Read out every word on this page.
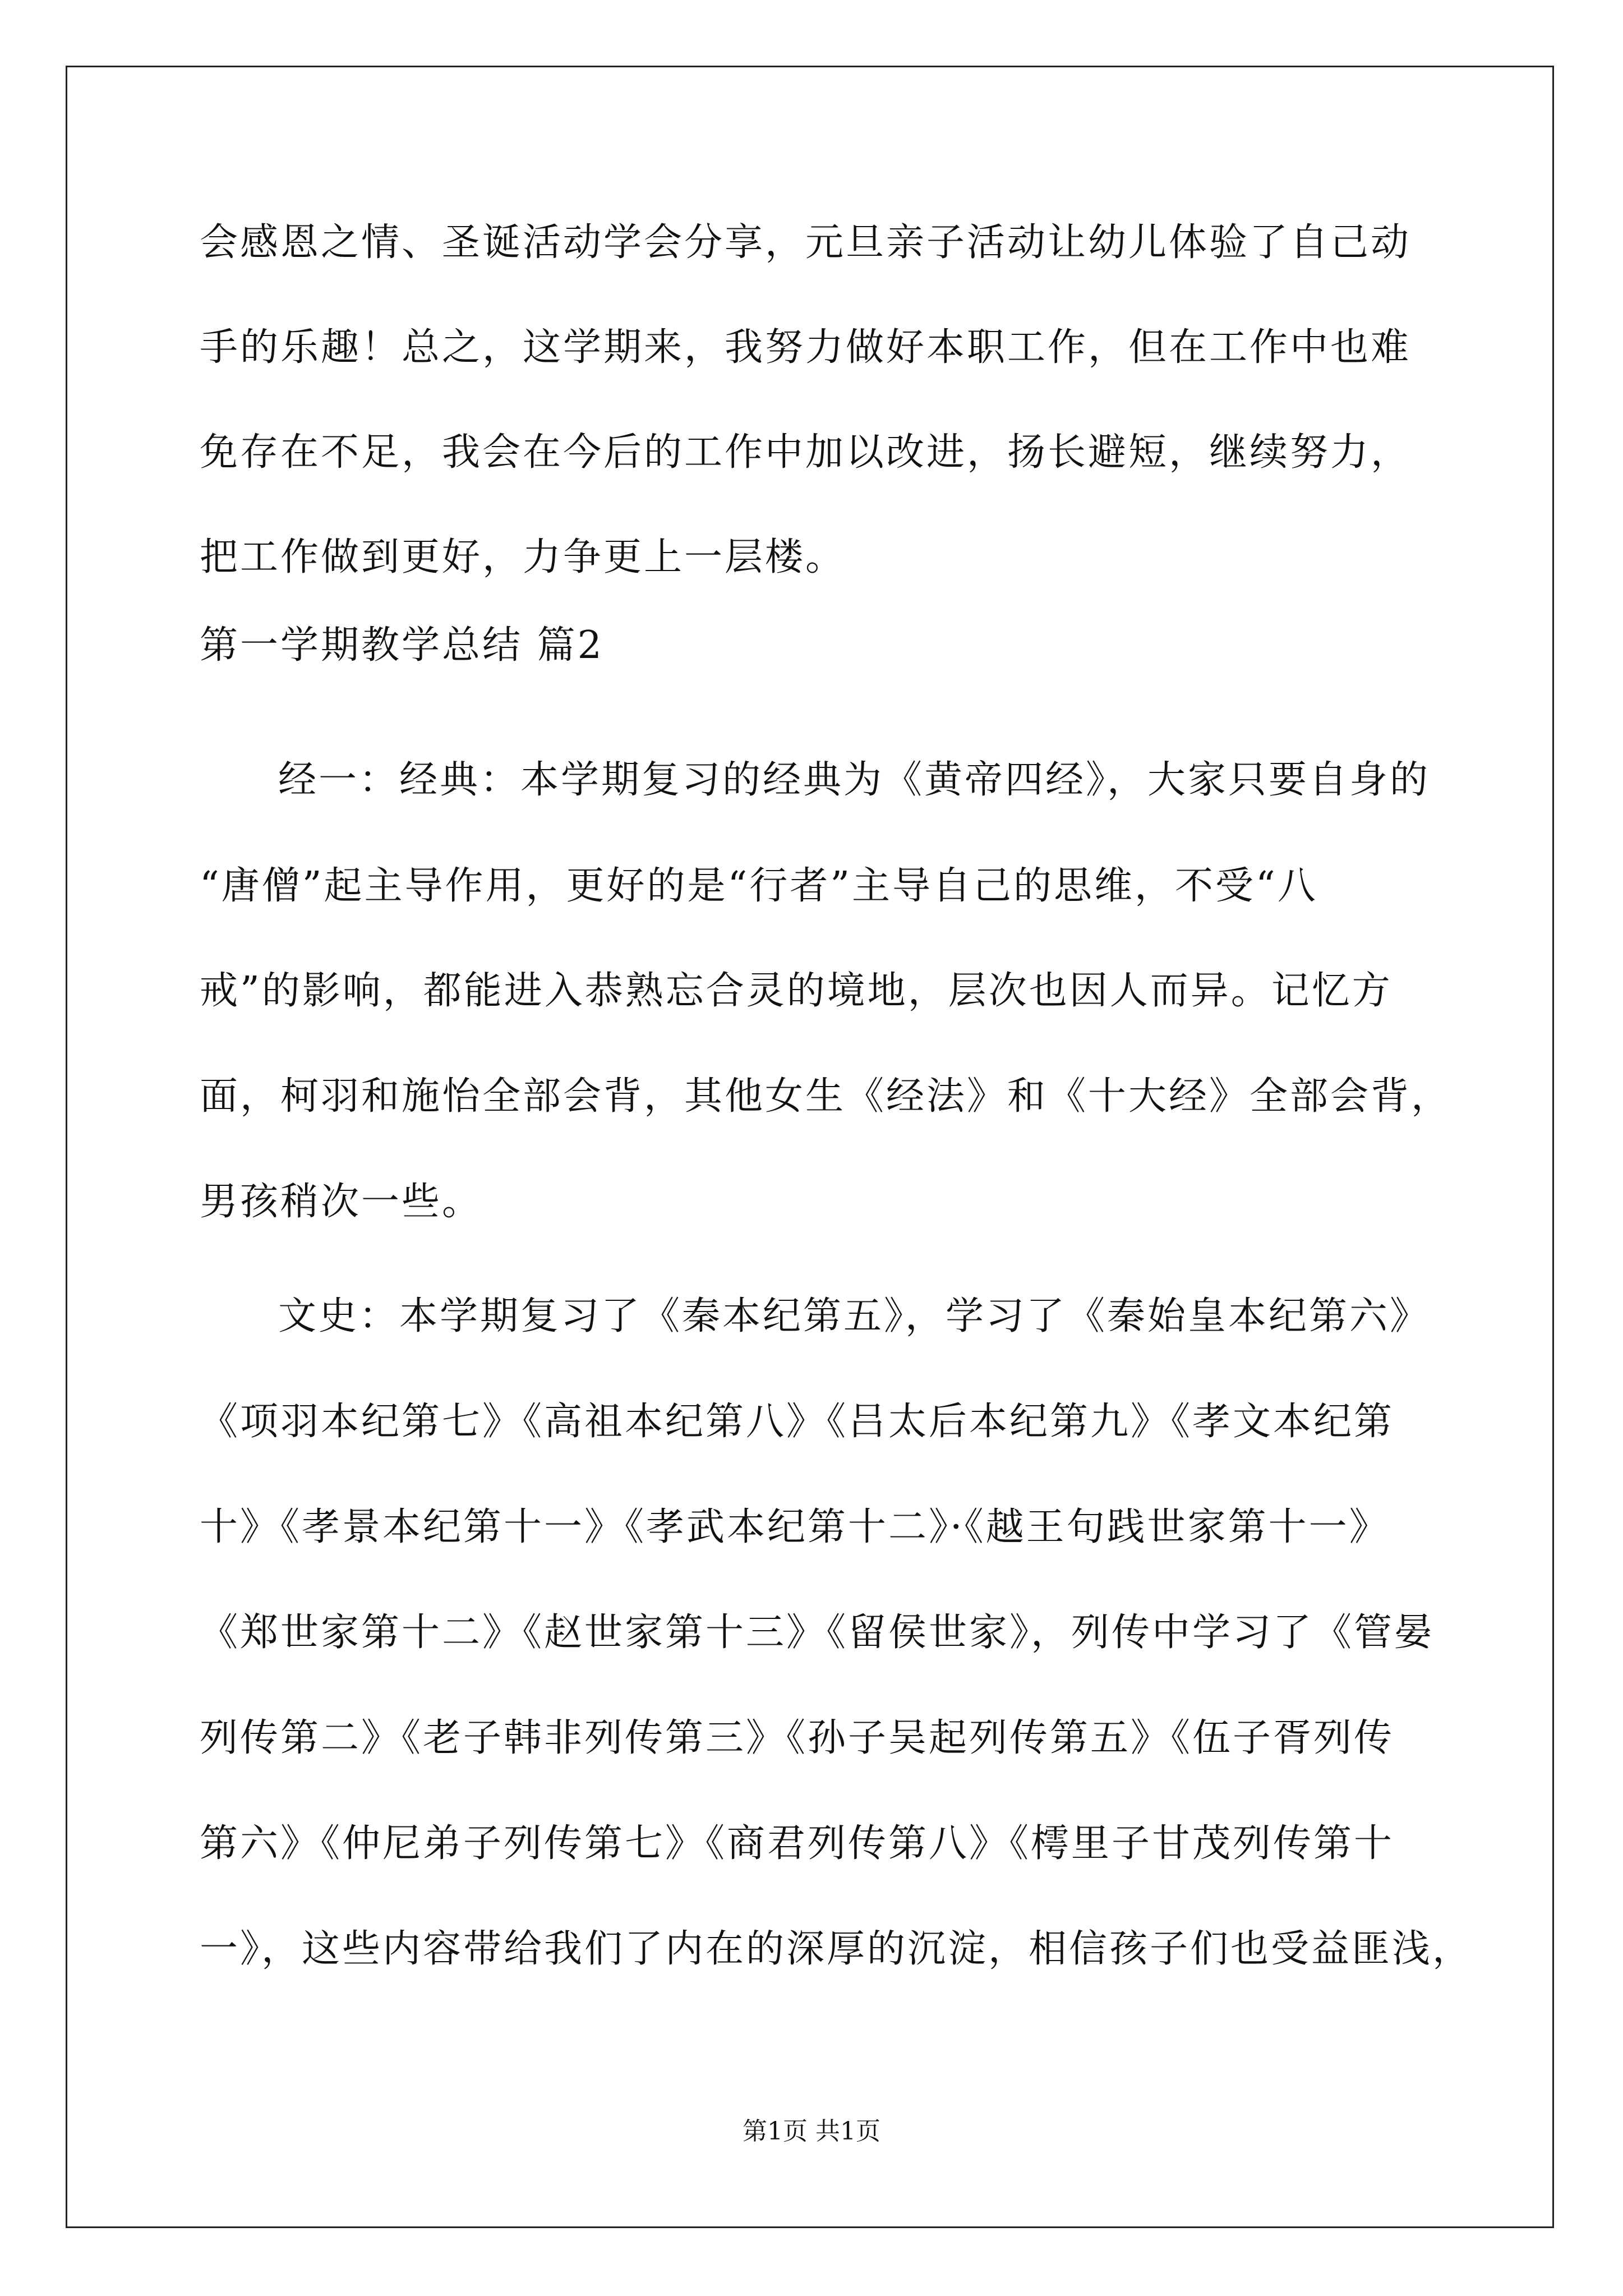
会感恩之情、圣诞活动学会分享，元旦亲子活动让幼儿体验了自己动

手的乐趣！总之，这学期来，我努力做好本职工作，但在工作中也难

免存在不足，我会在今后的工作中加以改进，扬长避短，继续努力，

把工作做到更好，力争更上一层楼。

第一学期教学总结 篇2

经一：经典：本学期复习的经典为《黄帝四经》，大家只要自身的

“唐僧”起主导作用，更好的是“行者”主导自己的思维，不受“八

戒”的影响，都能进入恭熟忘合灵的境地，层次也因人而异。记忆方

面，柯羽和施怡全部会背，其他女生《经法》和《十大经》全部会背，

男孩稍次一些。

文史：本学期复习了《秦本纪第五》，学习了《秦始皇本纪第六》

《项羽本纪第七》《高祖本纪第八》《吕太后本纪第九》《孝文本纪第

十》《孝景本纪第十一》《孝武本纪第十二》·《越王句践世家第十一》

《郑世家第十二》《赵世家第十三》《留侯世家》，列传中学习了《管晏

列传第二》《老子韩非列传第三》《孙子吴起列传第五》《伍子胥列传

第六》《仲尼弟子列传第七》《商君列传第八》《樗里子甘茂列传第十

一》，这些内容带给我们了内在的深厚的沉淀，相信孩子们也受益匪浅，

第1页 共1页
